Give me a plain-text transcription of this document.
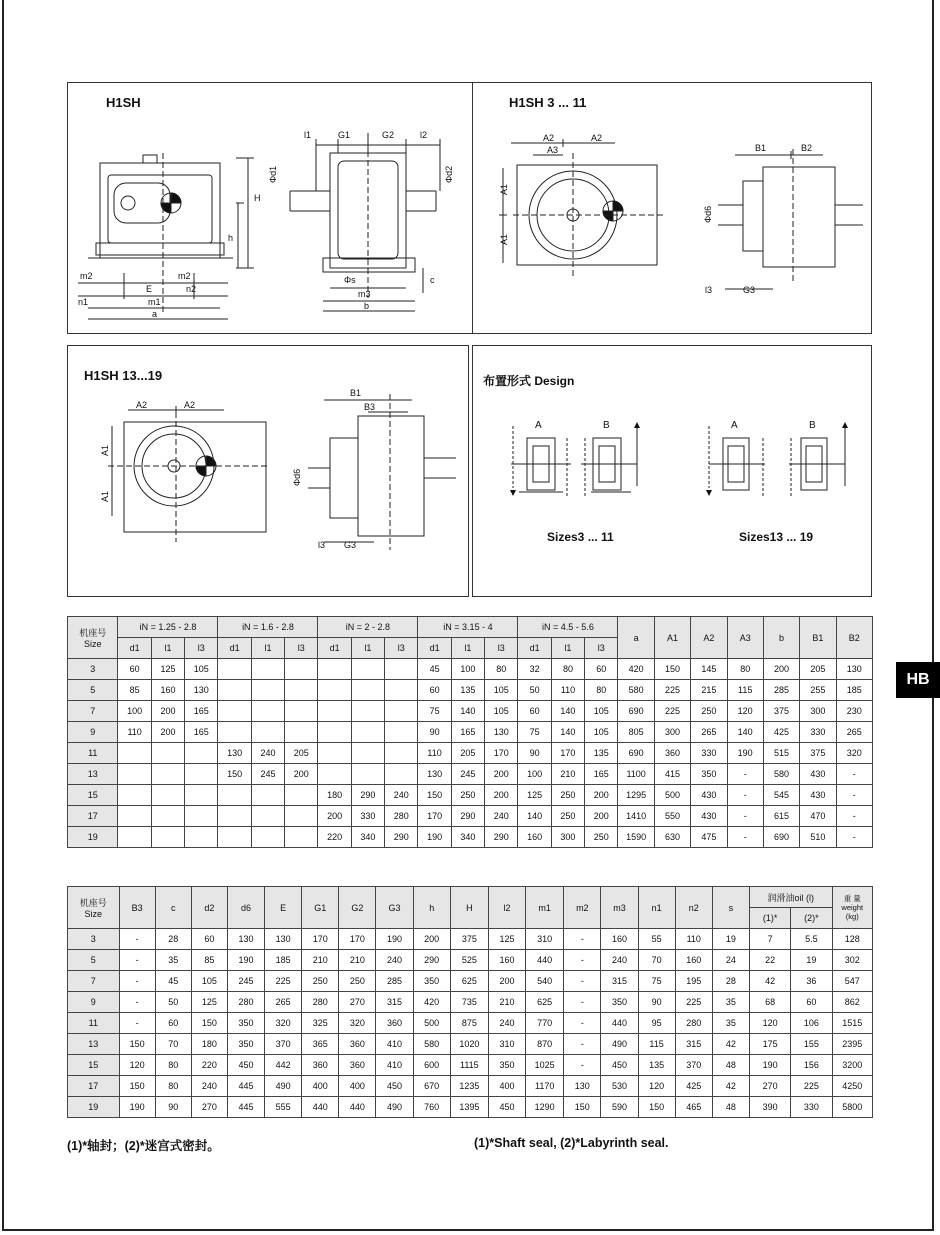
H1SH
H
h
m2
E
m2
n2
n1	m1
a
l1	G1	G2	l2
Φd1	Φd2
Φs
m3
b
c
H1SH 3 ... 11
A2	A2
A3
A1
A1
B1	B2
Φd6
l3	G3
H1SH 13...19
A2	A2
A1
A1
B1
B3
Φd6
l3 G3
布置形式 Design
A	B	A	B
Sizes3 ... 11	Sizes13 ... 19
HB
机座号
Size	iN = 1.25 - 2.8			iN = 1.6 - 2.8			iN = 2 - 2.8			iN = 3.15 - 4			iN = 4.5 - 5.6			a	A1	A2	A3	b	B1	B2
	d1	l1	l3	d1	l1	l3	d1	l1	l3	d1	l1	l3	d1	l1	l3							
3	60	125	105							45	100	80	32	80	60	420	150	145	80	200	205	130
5	85	160	130							60	135	105	50	110	80	580	225	215	115	285	255	185
7	100	200	165							75	140	105	60	140	105	690	225	250	120	375	300	230
9	110	200	165							90	165	130	75	140	105	805	300	265	140	425	330	265
11				130	240	205				110	205	170	90	170	135	690	360	330	190	515	375	320
13				150	245	200				130	245	200	100	210	165	1100	415	350	-	580	430	-
15							180	290	240	150	250	200	125	250	200	1295	500	430	-	545	430	-
17							200	330	280	170	290	240	140	250	200	1410	550	430	-	615	470	-
19							220	340	290	190	340	290	160	300	250	1590	630	475	-	690	510	-
机座号
Size	B3	c	d2	d6	E	G1	G2	G3	h	H	l2	m1	m2	m3	n1	n2	s	润滑油oil (l)		重 量
weight
(kg)
																		(1)*	(2)*	
3	-	28	60	130	130	170	170	190	200	375	125	310	-	160	55	110	19	7	5.5	128
5	-	35	85	190	185	210	210	240	290	525	160	440	-	240	70	160	24	22	19	302
7	-	45	105	245	225	250	250	285	350	625	200	540	-	315	75	195	28	42	36	547
9	-	50	125	280	265	280	270	315	420	735	210	625	-	350	90	225	35	68	60	862
11	-	60	150	350	320	325	320	360	500	875	240	770	-	440	95	280	35	120	106	1515
13	150	70	180	350	370	365	360	410	580	1020	310	870	-	490	115	315	42	175	155	2395
15	120	80	220	450	442	360	360	410	600	1115	350	1025	-	450	135	370	48	190	156	3200
17	150	80	240	445	490	400	400	450	670	1235	400	1170	130	530	120	425	42	270	225	4250
19	190	90	270	445	555	440	440	490	760	1395	450	1290	150	590	150	465	48	390	330	5800
(1)*轴封；(2)*迷宫式密封。	(1)*Shaft seal, (2)*Labyrinth seal.
